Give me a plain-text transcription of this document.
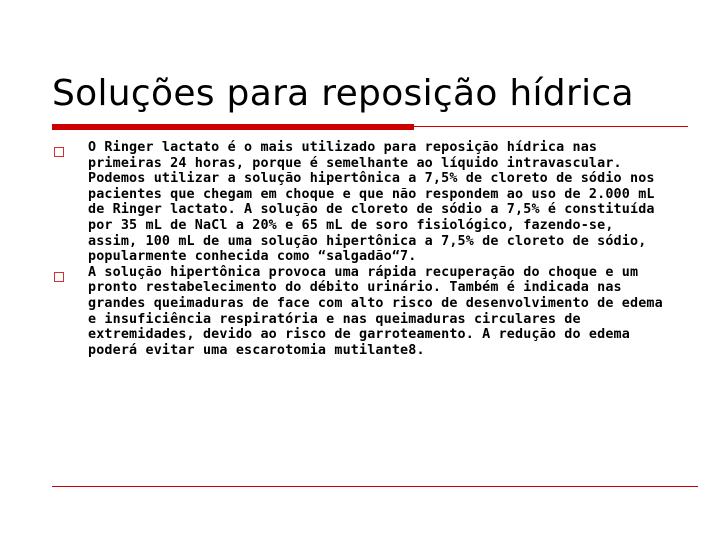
Soluções para reposição hídrica
O Ringer lactato é o mais utilizado para reposição hídrica nas primeiras 24 horas, porque é semelhante ao líquido intravascular. Podemos utilizar a solução hipertônica a 7,5% de cloreto de sódio nos pacientes que chegam em choque e que não respondem ao uso de 2.000 mL de Ringer lactato. A solução de cloreto de sódio a 7,5% é constituída por 35 mL de NaCl a 20% e 65 mL de soro fisiológico, fazendo-se, assim, 100 mL de uma solução hipertônica a 7,5% de cloreto de sódio, popularmente conhecida como “salgadão“7.
A solução hipertônica provoca uma rápida recuperação do choque e um pronto restabelecimento do débito urinário. Também é indicada nas grandes queimaduras de face com alto risco de desenvolvimento de edema e insuficiência respiratória e nas queimaduras circulares de extremidades, devido ao risco de garroteamento. A redução do edema poderá evitar uma escarotomia mutilante8.
